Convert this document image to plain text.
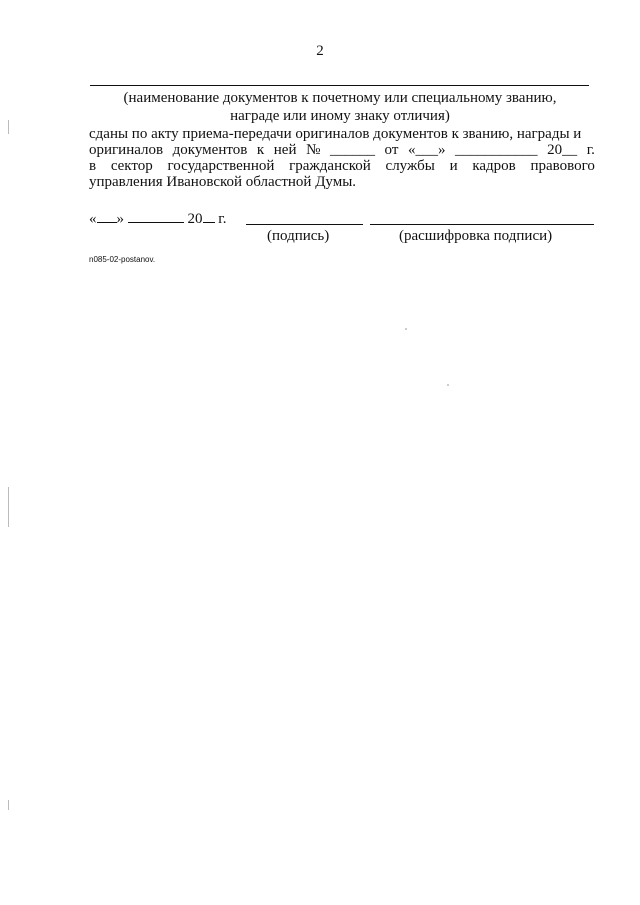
2
(наименование документов к почетному или специальному званию,
награде или иному знаку отличия)
сданы по акту приема-передачи оригиналов документов к званию, награды и
оригиналов документов к ней № ______ от «___» ___________ 20__ г.
в сектор государственной гражданской службы и кадров правового
управления Ивановской областной Думы.
« »	20 г.
(подпись)	(расшифровка подписи)
n085-02-postanov.
